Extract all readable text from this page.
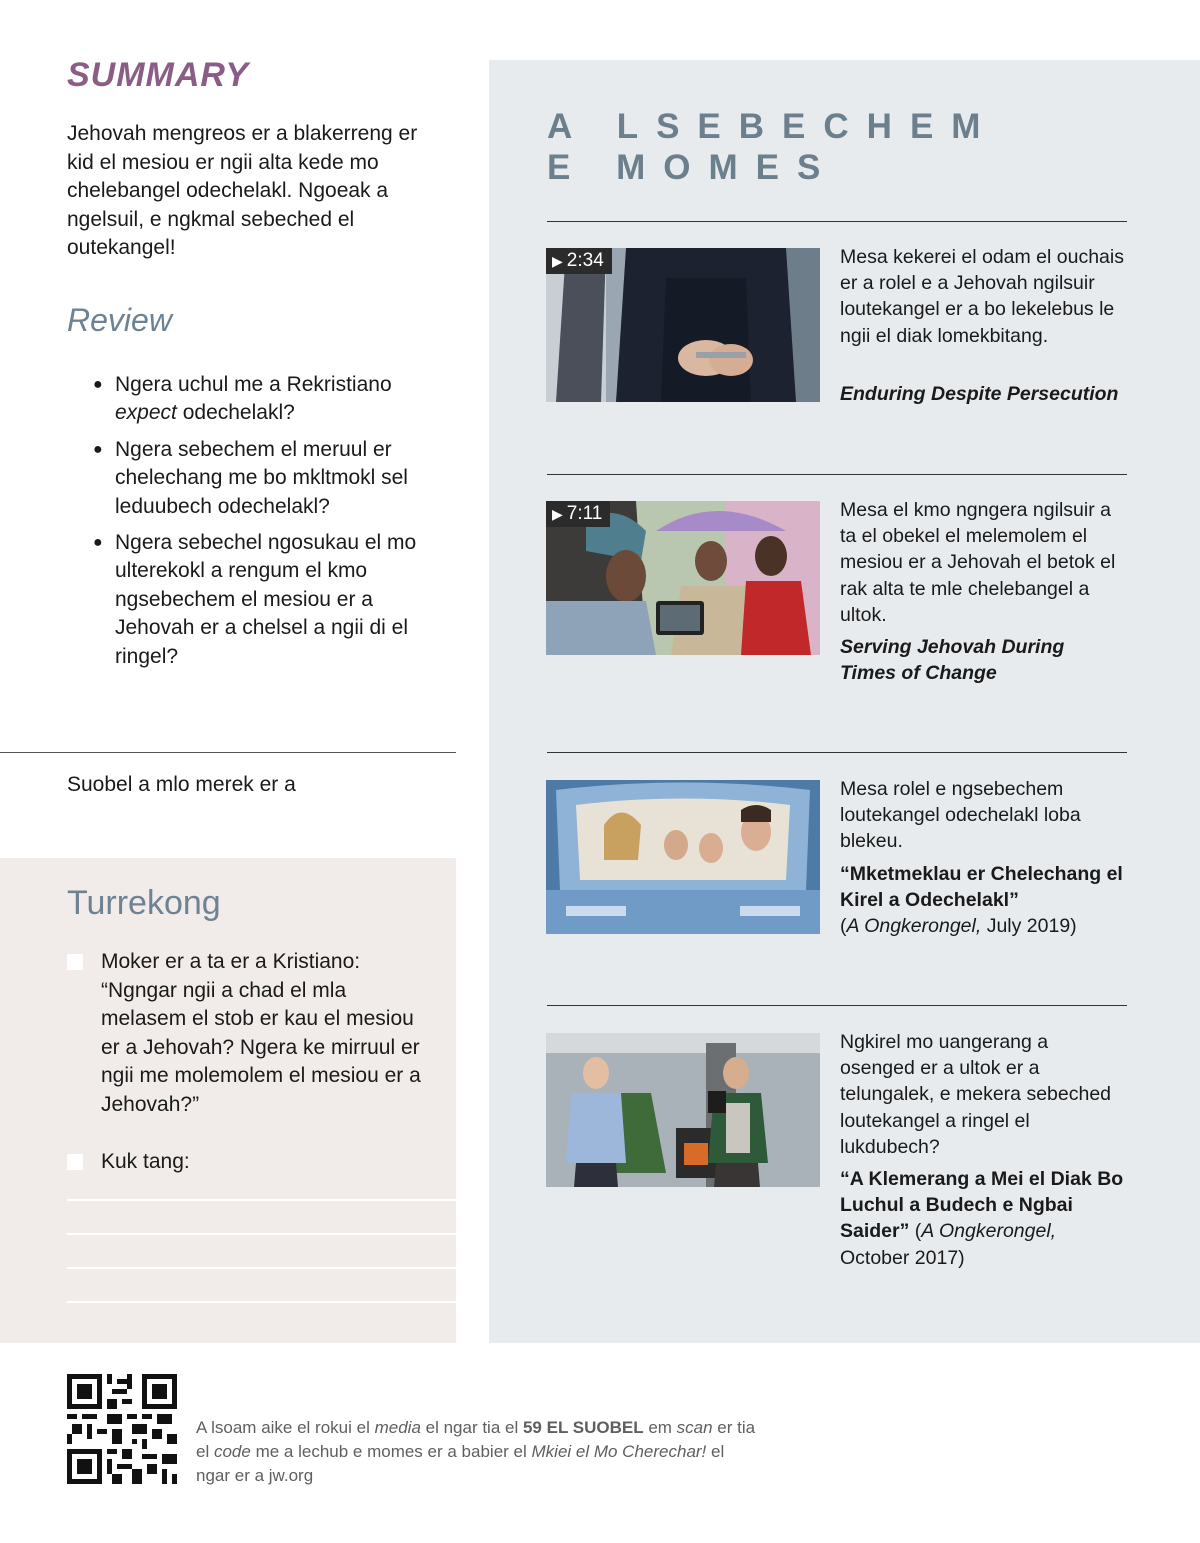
SUMMARY
Jehovah mengreos er a blakerreng er kid el mesiou er ngii alta kede mo chelebangel odechelakl. Ngoeak a ngelsuil, e ngkmal sebeched el outekangel!
Review
● Ngera uchul me a Rekristiano expect odechelakl?
● Ngera sebechem el meruul er chelechang me bo mkltmokl sel leduubech odechelakl?
● Ngera sebechel ngosukau el mo ulterekokl a rengum el kmo ngsebechem el mesiou er a Jehovah er a chelsel a ngii di el ringel?
Suobel a mlo merek er a
Turrekong
Moker er a ta er a Kristiano: “Ngngar ngii a chad el mla melasem el stob er kau el mesiou er a Jehovah? Ngera ke mirruul er ngii me molemolem el mesiou er a Jehovah?”
Kuk tang:
A LSEBECHEM
E MOMES
▶ 2:34	Mesa kekerei el odam el ouchais er a rolel e a Jehovah ngilsuir loutekangel er a bo lekelebus le ngii el diak lomekbitang.
Enduring Despite Persecution
▶ 7:11	Mesa el kmo ngngera ngilsuir a ta el obekel el melemolem el mesiou er a Jehovah el betok el rak alta te mle chelebangel a ultok.
Serving Jehovah During Times of Change
Mesa rolel e ngsebechem loutekangel odechelakl loba blekeu.
“Mketmeklau er Chelechang el Kirel a Odechelakl”
(A Ongkerongel, July 2019)
Ngkirel mo uangerang a osenged er a ultok er a telungalek, e mekera sebeched loutekangel a ringel el lukdubech?
“A Klemerang a Mei el Diak Bo Luchul a Budech e Ngbai Saider” (A Ongkerongel, October 2017)
A lsoam aike el rokui el media el ngar tia el 59 EL SUOBEL em scan er tia el code me a lechub e momes er a babier el Mkiei el Mo Cherechar! el ngar er a jw.org
